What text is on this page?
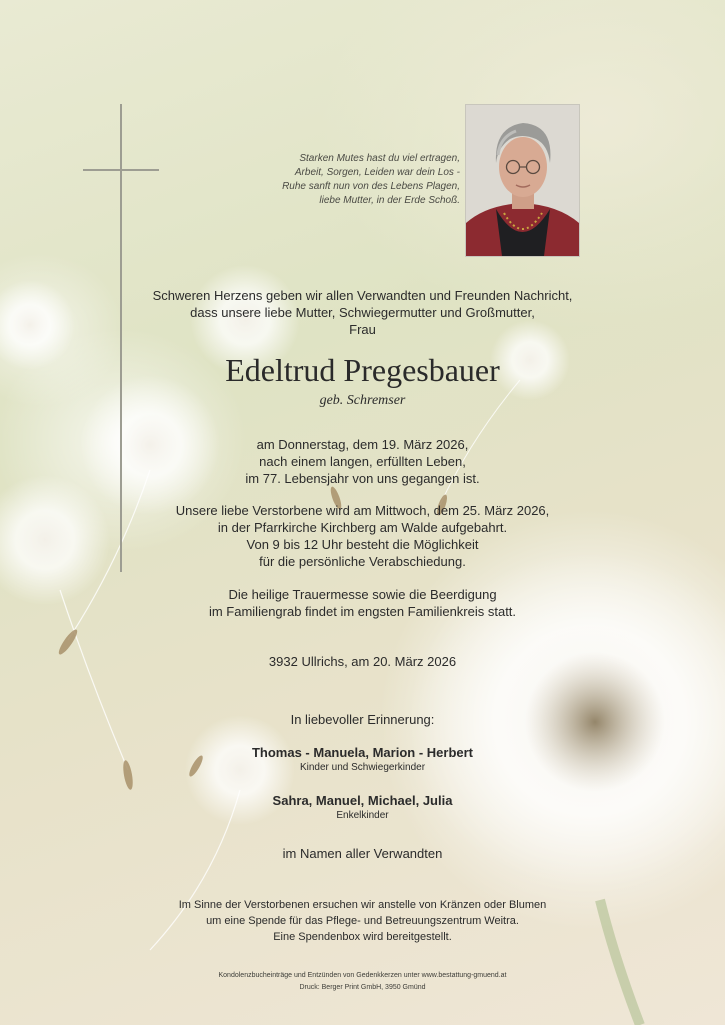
Starken Mutes hast du viel ertragen,
Arbeit, Sorgen, Leiden war dein Los -
Ruhe sanft nun von des Lebens Plagen,
liebe Mutter, in der Erde Schoß.
Schweren Herzens geben wir allen Verwandten und Freunden Nachricht,
dass unsere liebe Mutter, Schwiegermutter und Großmutter,
Frau
Edeltrud Pregesbauer
geb. Schremser
am Donnerstag, dem 19. März 2026,
nach einem langen, erfüllten Leben,
im 77. Lebensjahr von uns gegangen ist.
Unsere liebe Verstorbene wird am Mittwoch, dem 25. März 2026,
in der Pfarrkirche Kirchberg am Walde aufgebahrt.
Von 9 bis 12 Uhr besteht die Möglichkeit
für die persönliche Verabschiedung.
Die heilige Trauermesse sowie die Beerdigung
im Familiengrab findet im engsten Familienkreis statt.
3932 Ullrichs, am 20. März 2026
In liebevoller Erinnerung:
Thomas - Manuela, Marion - Herbert
Kinder und Schwiegerkinder
Sahra, Manuel, Michael, Julia
Enkelkinder
im Namen aller Verwandten
Im Sinne der Verstorbenen ersuchen wir anstelle von Kränzen oder Blumen
um eine Spende für das Pflege- und Betreuungszentrum Weitra.
Eine Spendenbox wird bereitgestellt.
Kondolenzbucheinträge und Entzünden von Gedenkkerzen unter www.bestattung-gmuend.at
Druck: Berger Print GmbH, 3950 Gmünd
